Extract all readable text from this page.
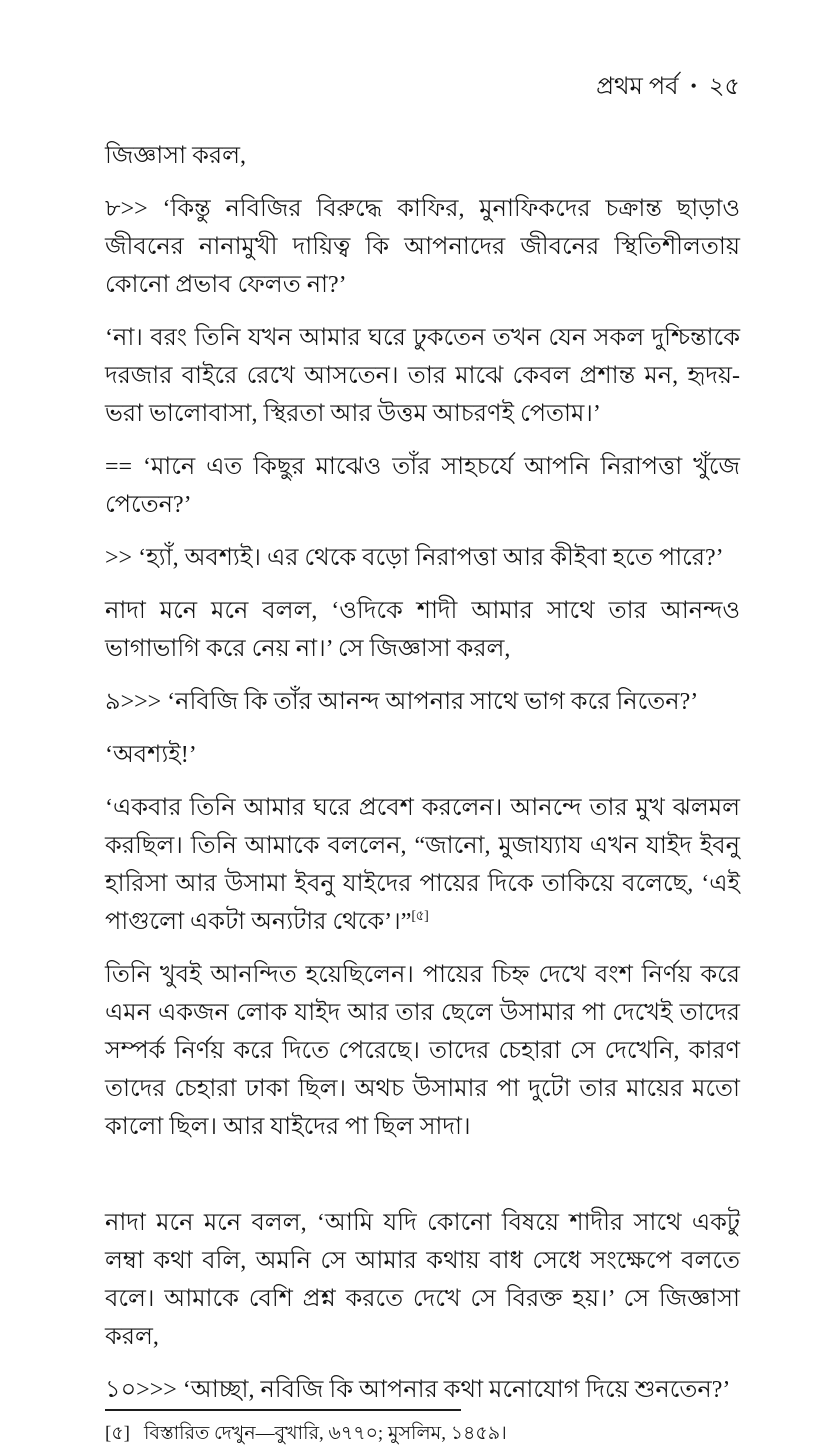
প্রথম পর্ব • ২৫

জিজ্ঞাসা করল,

৮>> ‘কিন্তু নবিজির বিরুদ্ধে কাফির, মুনাফিকদের চক্রান্ত ছাড়াও জীবনের নানামুখী দায়িত্ব কি আপনাদের জীবনের স্থিতিশীলতায় কোনো প্রভাব ফেলত না?’

‘না। বরং তিনি যখন আমার ঘরে ঢুকতেন তখন যেন সকল দুশ্চিন্তাকে দরজার বাইরে রেখে আসতেন। তার মাঝে কেবল প্রশান্ত মন, হৃদয়-ভরা ভালোবাসা, স্থিরতা আর উত্তম আচরণই পেতাম।’

== ‘মানে এত কিছুর মাঝেও তাঁর সাহচর্যে আপনি নিরাপত্তা খুঁজে পেতেন?’

>> ‘হ্যাঁ, অবশ্যই। এর থেকে বড়ো নিরাপত্তা আর কীইবা হতে পারে?’

নাদা মনে মনে বলল, ‘ওদিকে শাদী আমার সাথে তার আনন্দও ভাগাভাগি করে নেয় না।’ সে জিজ্ঞাসা করল,

৯>>> ‘নবিজি কি তাঁর আনন্দ আপনার সাথে ভাগ করে নিতেন?’

‘অবশ্যই!’

‘একবার তিনি আমার ঘরে প্রবেশ করলেন। আনন্দে তার মুখ ঝলমল করছিল। তিনি আমাকে বললেন, “জানো, মুজায্যায এখন যাইদ ইবনু হারিসা আর উসামা ইবনু যাইদের পায়ের দিকে তাকিয়ে বলেছে, ‘এই পাগুলো একটা অন্যটার থেকে’।”[৫]

তিনি খুবই আনন্দিত হয়েছিলেন। পায়ের চিহ্ন দেখে বংশ নির্ণয় করে এমন একজন লোক যাইদ আর তার ছেলে উসামার পা দেখেই তাদের সম্পর্ক নির্ণয় করে দিতে পেরেছে। তাদের চেহারা সে দেখেনি, কারণ তাদের চেহারা ঢাকা ছিল। অথচ উসামার পা দুটো তার মায়ের মতো কালো ছিল। আর যাইদের পা ছিল সাদা।

নাদা মনে মনে বলল, ‘আমি যদি কোনো বিষয়ে শাদীর সাথে একটু লম্বা কথা বলি, অমনি সে আমার কথায় বাধ সেধে সংক্ষেপে বলতে বলে। আমাকে বেশি প্রশ্ন করতে দেখে সে বিরক্ত হয়।’ সে জিজ্ঞাসা করল,

১০>>> ‘আচ্ছা, নবিজি কি আপনার কথা মনোযোগ দিয়ে শুনতেন?’

[৫] বিস্তারিত দেখুন—বুখারি, ৬৭৭০; মুসলিম, ১৪৫৯।
